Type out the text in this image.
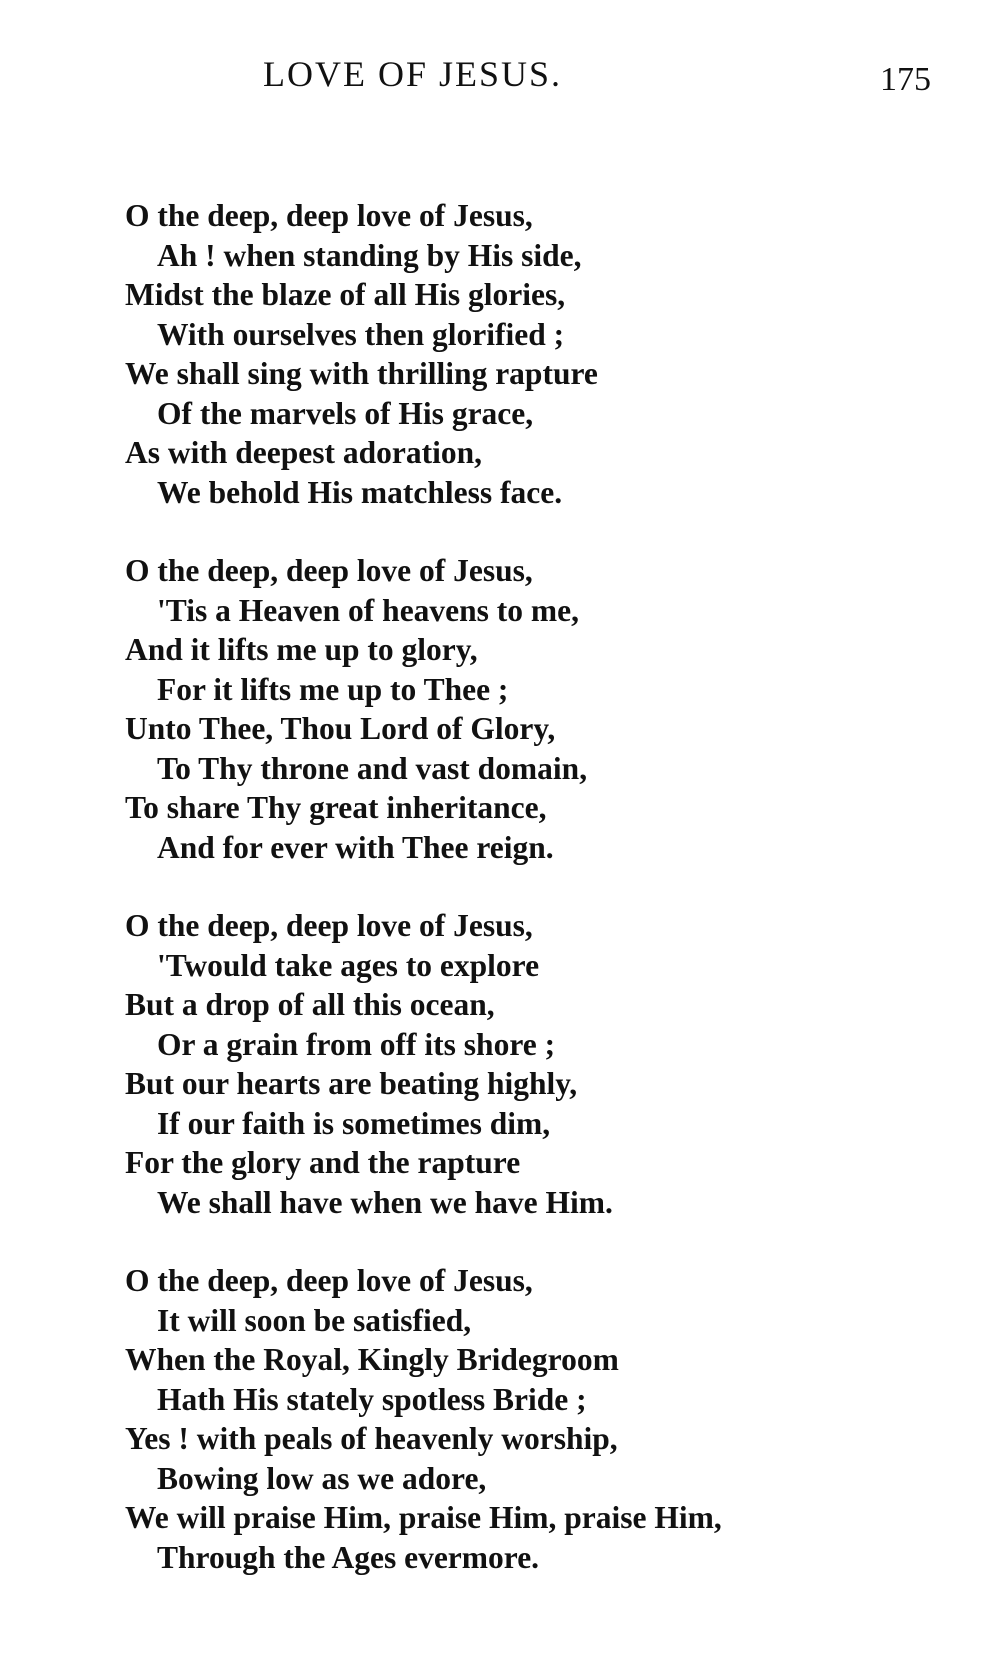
LOVE OF JESUS.	175
O the deep, deep love of Jesus,
Ah ! when standing by His side,
Midst the blaze of all His glories,
With ourselves then glorified ;
We shall sing with thrilling rapture
Of the marvels of His grace,
As with deepest adoration,
We behold His matchless face.
O the deep, deep love of Jesus,
'Tis a Heaven of heavens to me,
And it lifts me up to glory,
For it lifts me up to Thee ;
Unto Thee, Thou Lord of Glory,
To Thy throne and vast domain,
To share Thy great inheritance,
And for ever with Thee reign.
O the deep, deep love of Jesus,
'Twould take ages to explore
But a drop of all this ocean,
Or a grain from off its shore ;
But our hearts are beating highly,
If our faith is sometimes dim,
For the glory and the rapture
We shall have when we have Him.
O the deep, deep love of Jesus,
It will soon be satisfied,
When the Royal, Kingly Bridegroom
Hath His stately spotless Bride ;
Yes ! with peals of heavenly worship,
Bowing low as we adore,
We will praise Him, praise Him, praise Him,
Through the Ages evermore.
